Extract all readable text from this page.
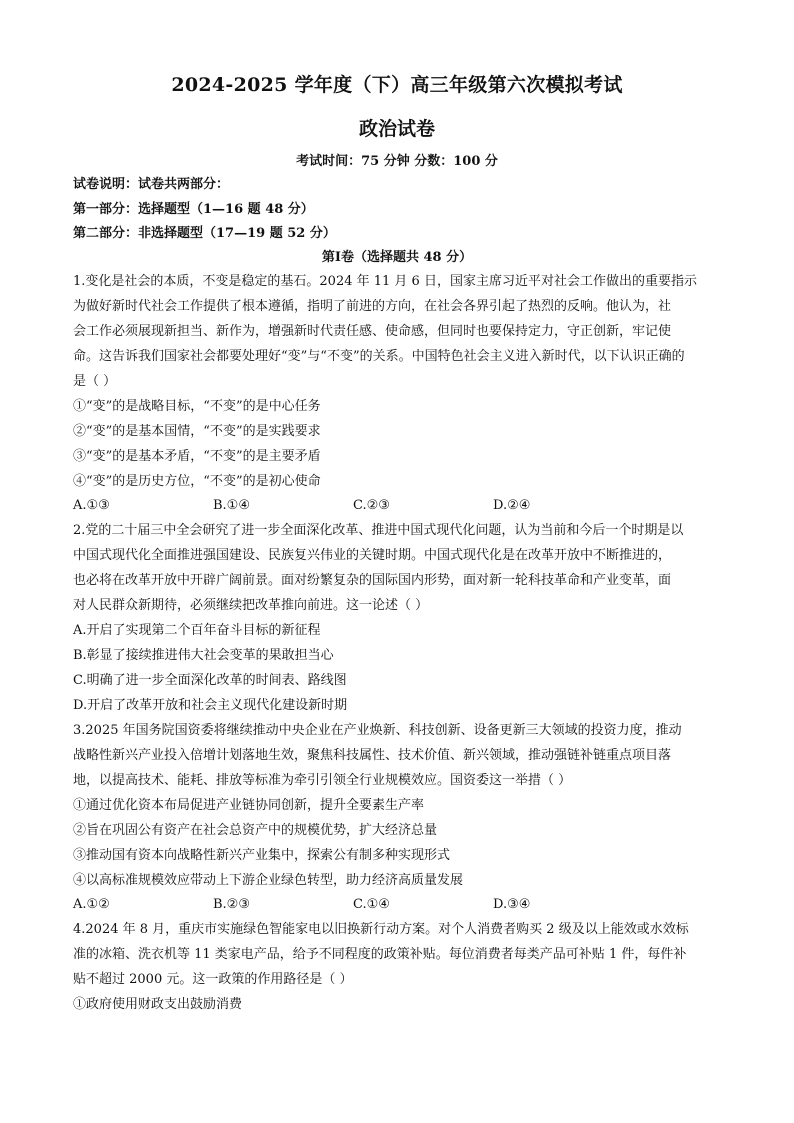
2024-2025 学年度（下）高三年级第六次模拟考试
政治试卷
考试时间：75 分钟 分数：100 分
试卷说明：试卷共两部分：
第一部分：选择题型（1—16 题 48 分）
第二部分：非选择题型（17—19 题 52 分）
第Ⅰ卷（选择题共 48 分）
1.变化是社会的本质，不变是稳定的基石。2024 年 11 月 6 日，国家主席习近平对社会工作做出的重要指示
为做好新时代社会工作提供了根本遵循，指明了前进的方向，在社会各界引起了热烈的反响。他认为，社
会工作必须展现新担当、新作为，增强新时代责任感、使命感，但同时也要保持定力，守正创新，牢记使
命。这告诉我们国家社会都要处理好“变”与“不变”的关系。中国特色社会主义进入新时代，以下认识正确的
是（ ）
①“变”的是战略目标，“不变”的是中心任务
②“变”的是基本国情，“不变”的是实践要求
③“变”的是基本矛盾，“不变”的是主要矛盾
④“变”的是历史方位，“不变”的是初心使命
A.①③	B.①④	C.②③	D.②④
2.党的二十届三中全会研究了进一步全面深化改革、推进中国式现代化问题，认为当前和今后一个时期是以
中国式现代化全面推进强国建设、民族复兴伟业的关键时期。中国式现代化是在改革开放中不断推进的，
也必将在改革开放中开辟广阔前景。面对纷繁复杂的国际国内形势，面对新一轮科技革命和产业变革，面
对人民群众新期待，必须继续把改革推向前进。这一论述（ ）
A.开启了实现第二个百年奋斗目标的新征程
B.彰显了接续推进伟大社会变革的果敢担当心
C.明确了进一步全面深化改革的时间表、路线图
D.开启了改革开放和社会主义现代化建设新时期
3.2025 年国务院国资委将继续推动中央企业在产业焕新、科技创新、设备更新三大领域的投资力度，推动
战略性新兴产业投入倍增计划落地生效，聚焦科技属性、技术价值、新兴领域，推动强链补链重点项目落
地，以提高技术、能耗、排放等标准为牵引引领全行业规模效应。国资委这一举措（ ）
①通过优化资本布局促进产业链协同创新，提升全要素生产率
②旨在巩固公有资产在社会总资产中的规模优势，扩大经济总量
③推动国有资本向战略性新兴产业集中，探索公有制多种实现形式
④以高标准规模效应带动上下游企业绿色转型，助力经济高质量发展
A.①②	B.②③	C.①④	D.③④
4.2024 年 8 月，重庆市实施绿色智能家电以旧换新行动方案。对个人消费者购买 2 级及以上能效或水效标
准的冰箱、洗衣机等 11 类家电产品，给予不同程度的政策补贴。每位消费者每类产品可补贴 1 件，每件补
贴不超过 2000 元。这一政策的作用路径是（ ）
①政府使用财政支出鼓励消费
